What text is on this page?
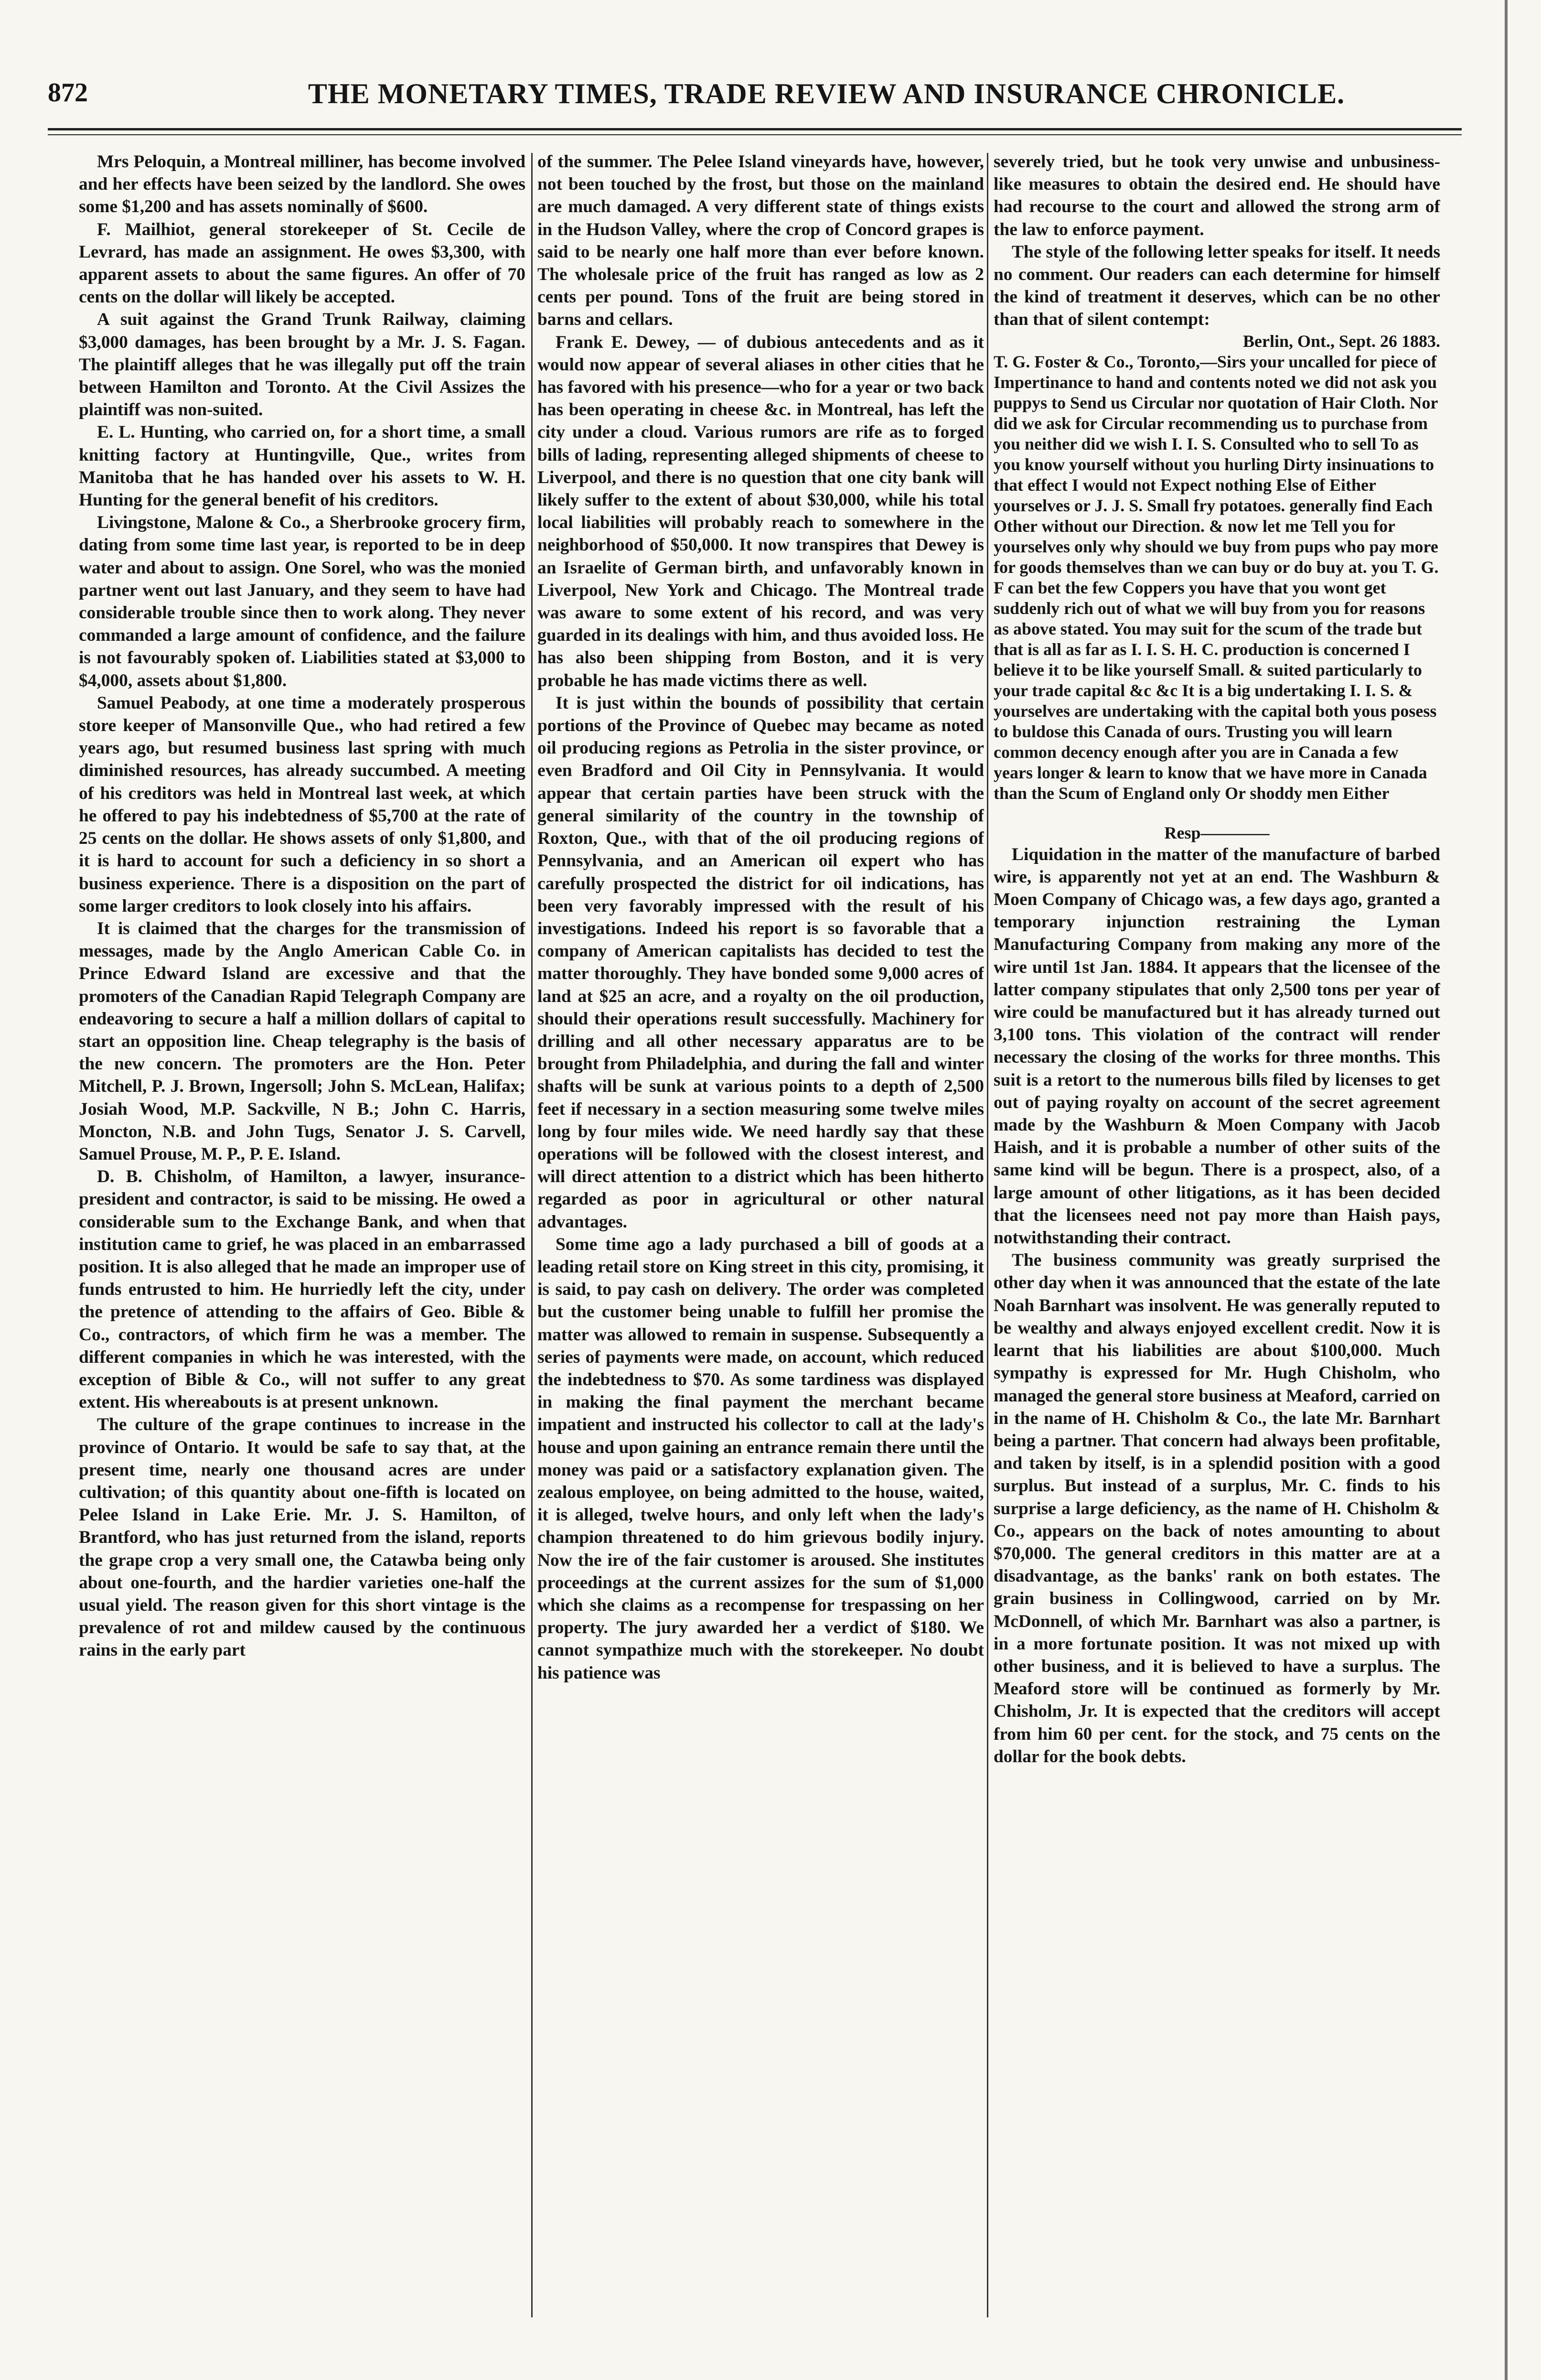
872	THE MONETARY TIMES, TRADE REVIEW AND INSURANCE CHRONICLE.

Mrs Peloquin, a Montreal milliner, has become involved and her effects have been seized by the landlord. She owes some $1,200 and has assets nominally of $600.

F. Mailhiot, general storekeeper of St. Cecile de Levrard, has made an assignment. He owes $3,300, with apparent assets to about the same figures. An offer of 70 cents on the dollar will likely be accepted.

A suit against the Grand Trunk Railway, claiming $3,000 damages, has been brought by a Mr. J. S. Fagan. The plaintiff alleges that he was illegally put off the train between Hamilton and Toronto. At the Civil Assizes the plaintiff was non-suited.

E. L. Hunting, who carried on, for a short time, a small knitting factory at Huntingville, Que., writes from Manitoba that he has handed over his assets to W. H. Hunting for the general benefit of his creditors.

Livingstone, Malone & Co., a Sherbrooke grocery firm, dating from some time last year, is reported to be in deep water and about to assign. One Sorel, who was the monied partner went out last January, and they seem to have had considerable trouble since then to work along. They never commanded a large amount of confidence, and the failure is not favourably spoken of. Liabilities stated at $3,000 to $4,000, assets about $1,800.

Samuel Peabody, at one time a moderately prosperous store keeper of Mansonville Que., who had retired a few years ago, but resumed business last spring with much diminished resources, has already succumbed. A meeting of his creditors was held in Montreal last week, at which he offered to pay his indebtedness of $5,700 at the rate of 25 cents on the dollar. He shows assets of only $1,800, and it is hard to account for such a deficiency in so short a business experience. There is a disposition on the part of some larger creditors to look closely into his affairs.

It is claimed that the charges for the transmission of messages, made by the Anglo American Cable Co. in Prince Edward Island are excessive and that the promoters of the Canadian Rapid Telegraph Company are endeavoring to secure a half a million dollars of capital to start an opposition line. Cheap telegraphy is the basis of the new concern. The promoters are the Hon. Peter Mitchell, P. J. Brown, Ingersoll; John S. McLean, Halifax; Josiah Wood, M.P. Sackville, N B.; John C. Harris, Moncton, N.B. and John Tugs, Senator J. S. Carvell, Samuel Prouse, M. P., P. E. Island.

D. B. Chisholm, of Hamilton, a lawyer, insurance-president and contractor, is said to be missing. He owed a considerable sum to the Exchange Bank, and when that institution came to grief, he was placed in an embarrassed position. It is also alleged that he made an improper use of funds entrusted to him. He hurriedly left the city, under the pretence of attending to the affairs of Geo. Bible & Co., contractors, of which firm he was a member. The different companies in which he was interested, with the exception of Bible & Co., will not suffer to any great extent. His whereabouts is at present unknown.

The culture of the grape continues to increase in the province of Ontario. It would be safe to say that, at the present time, nearly one thousand acres are under cultivation; of this quantity about one-fifth is located on Pelee Island in Lake Erie. Mr. J. S. Hamilton, of Brantford, who has just returned from the island, reports the grape crop a very small one, the Catawba being only about one-fourth, and the hardier varieties one-half the usual yield. The reason given for this short vintage is the prevalence of rot and mildew caused by the continuous rains in the early part

of the summer. The Pelee Island vineyards have, however, not been touched by the frost, but those on the mainland are much damaged. A very different state of things exists in the Hudson Valley, where the crop of Concord grapes is said to be nearly one half more than ever before known. The wholesale price of the fruit has ranged as low as 2 cents per pound. Tons of the fruit are being stored in barns and cellars.

Frank E. Dewey, — of dubious antecedents and as it would now appear of several aliases in other cities that he has favored with his presence—who for a year or two back has been operating in cheese &c. in Montreal, has left the city under a cloud. Various rumors are rife as to forged bills of lading, representing alleged shipments of cheese to Liverpool, and there is no question that one city bank will likely suffer to the extent of about $30,000, while his total local liabilities will probably reach to somewhere in the neighborhood of $50,000. It now transpires that Dewey is an Israelite of German birth, and unfavorably known in Liverpool, New York and Chicago. The Montreal trade was aware to some extent of his record, and was very guarded in its dealings with him, and thus avoided loss. He has also been shipping from Boston, and it is very probable he has made victims there as well.

It is just within the bounds of possibility that certain portions of the Province of Quebec may became as noted oil producing regions as Petrolia in the sister province, or even Bradford and Oil City in Pennsylvania. It would appear that certain parties have been struck with the general similarity of the country in the township of Roxton, Que., with that of the oil producing regions of Pennsylvania, and an American oil expert who has carefully prospected the district for oil indications, has been very favorably impressed with the result of his investigations. Indeed his report is so favorable that a company of American capitalists has decided to test the matter thoroughly. They have bonded some 9,000 acres of land at $25 an acre, and a royalty on the oil production, should their operations result successfully. Machinery for drilling and all other necessary apparatus are to be brought from Philadelphia, and during the fall and winter shafts will be sunk at various points to a depth of 2,500 feet if necessary in a section measuring some twelve miles long by four miles wide. We need hardly say that these operations will be followed with the closest interest, and will direct attention to a district which has been hitherto regarded as poor in agricultural or other natural advantages.

Some time ago a lady purchased a bill of goods at a leading retail store on King street in this city, promising, it is said, to pay cash on delivery. The order was completed but the customer being unable to fulfill her promise the matter was allowed to remain in suspense. Subsequently a series of payments were made, on account, which reduced the indebtedness to $70. As some tardiness was displayed in making the final payment the merchant became impatient and instructed his collector to call at the lady's house and upon gaining an entrance remain there until the money was paid or a satisfactory explanation given. The zealous employee, on being admitted to the house, waited, it is alleged, twelve hours, and only left when the lady's champion threatened to do him grievous bodily injury. Now the ire of the fair customer is aroused. She institutes proceedings at the current assizes for the sum of $1,000 which she claims as a recompense for trespassing on her property. The jury awarded her a verdict of $180. We cannot sympathize much with the storekeeper. No doubt his patience was

severely tried, but he took very unwise and unbusiness-like measures to obtain the desired end. He should have had recourse to the court and allowed the strong arm of the law to enforce payment.

The style of the following letter speaks for itself. It needs no comment. Our readers can each determine for himself the kind of treatment it deserves, which can be no other than that of silent contempt:

Berlin, Ont., Sept. 26 1883.

T. G. Foster & Co., Toronto,—Sirs your uncalled for piece of Impertinance to hand and contents noted we did not ask you puppys to Send us Circular nor quotation of Hair Cloth. Nor did we ask for Circular recommending us to purchase from you neither did we wish I. I. S. Consulted who to sell To as you know yourself without you hurling Dirty insinuations to that effect I would not Expect nothing Else of Either yourselves or J. J. S. Small fry potatoes. generally find Each Other without our Direction. & now let me Tell you for yourselves only why should we buy from pups who pay more for goods themselves than we can buy or do buy at. you T. G. F can bet the few Coppers you have that you wont get suddenly rich out of what we will buy from you for reasons as above stated. You may suit for the scum of the trade but that is all as far as I. I. S. H. C. production is concerned I believe it to be like yourself Small. & suited particularly to your trade capital &c &c It is a big undertaking I. I. S. & yourselves are undertaking with the capital both yous posess to buldose this Canada of ours. Trusting you will learn common decency enough after you are in Canada a few years longer & learn to know that we have more in Canada than the Scum of England only Or shoddy men Either

Resp————

Liquidation in the matter of the manufacture of barbed wire, is apparently not yet at an end. The Washburn & Moen Company of Chicago was, a few days ago, granted a temporary injunction restraining the Lyman Manufacturing Company from making any more of the wire until 1st Jan. 1884. It appears that the licensee of the latter company stipulates that only 2,500 tons per year of wire could be manufactured but it has already turned out 3,100 tons. This violation of the contract will render necessary the closing of the works for three months. This suit is a retort to the numerous bills filed by licenses to get out of paying royalty on account of the secret agreement made by the Washburn & Moen Company with Jacob Haish, and it is probable a number of other suits of the same kind will be begun. There is a prospect, also, of a large amount of other litigations, as it has been decided that the licensees need not pay more than Haish pays, notwithstanding their contract.

The business community was greatly surprised the other day when it was announced that the estate of the late Noah Barnhart was insolvent. He was generally reputed to be wealthy and always enjoyed excellent credit. Now it is learnt that his liabilities are about $100,000. Much sympathy is expressed for Mr. Hugh Chisholm, who managed the general store business at Meaford, carried on in the name of H. Chisholm & Co., the late Mr. Barnhart being a partner. That concern had always been profitable, and taken by itself, is in a splendid position with a good surplus. But instead of a surplus, Mr. C. finds to his surprise a large deficiency, as the name of H. Chisholm & Co., appears on the back of notes amounting to about $70,000. The general creditors in this matter are at a disadvantage, as the banks' rank on both estates. The grain business in Collingwood, carried on by Mr. McDonnell, of which Mr. Barnhart was also a partner, is in a more fortunate position. It was not mixed up with other business, and it is believed to have a surplus. The Meaford store will be continued as formerly by Mr. Chisholm, Jr. It is expected that the creditors will accept from him 60 per cent. for the stock, and 75 cents on the dollar for the book debts.
